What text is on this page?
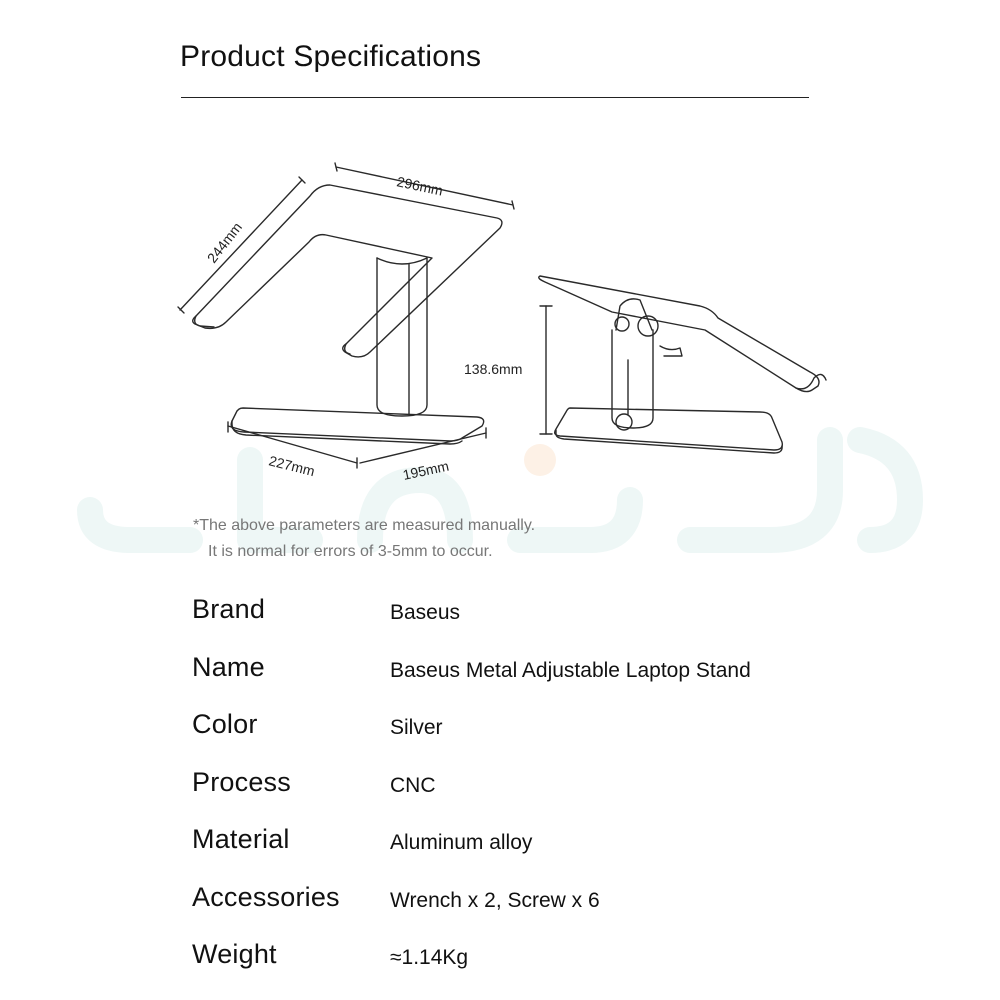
Product Specifications
244mm
296mm
227mm	195mm
138.6mm
*The above parameters are measured manually.
It is normal for errors of 3-5mm to occur.
Brand	Baseus
Name	Baseus Metal Adjustable Laptop Stand
Color	Silver
Process	CNC
Material	Aluminum alloy
Accessories Wrench x 2, Screw x 6
Weight	≈1.14Kg
